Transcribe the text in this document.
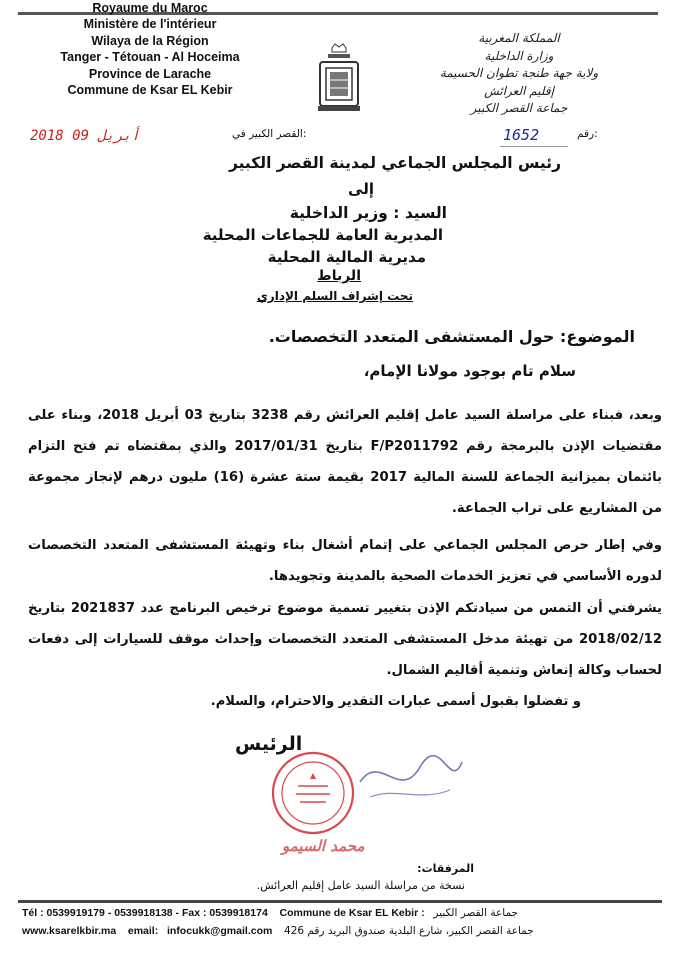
Royaume du Maroc
Ministère de l'intérieur
Wilaya de la Région
Tanger - Tétouan - Al Hoceima
Province de Larache
Commune de Ksar EL Kebir
المملكة المغربية
وزارة الداخلية
ولاية جهة طنجة تطوان الحسيمة
إقليم العرائش
جماعة القصر الكبير
القصر الكبير في:
2018 أبريل 09	رقم:
1652
رئيس المجلس الجماعي لمدينة القصر الكبير
إلى
السيد : وزير الداخلية
المديرية العامة للجماعات المحلية
مديرية المالية المحلية
الرباط
تحت إشراف السلم الإداري
الموضوع: حول المستشفى المتعدد التخصصات.
سلام تام بوجود مولانا الإمام،

وبعد، فبناء على مراسلة السيد عامل إقليم العرائش رقم 3238 بتاريخ 03 أبريل 2018، وبناء على مقتضيات الإذن بالبرمجة رقم F/P2011792 بتاريخ 2017/01/31 والذي بمقتضاه تم فتح التزام بائتمان بميزانية الجماعة للسنة المالية 2017 بقيمة ستة عشرة (16) مليون درهم لإنجاز مجموعة من المشاريع على تراب الجماعة.

وفي إطار حرص المجلس الجماعي على إتمام أشغال بناء وتهيئة المستشفى المتعدد التخصصات لدوره الأساسي في تعزيز الخدمات الصحية بالمدينة وتجويدها.

يشرفني أن التمس من سيادتكم الإذن بتغيير تسمية موضوع ترخيص البرنامج عدد 2021837 بتاريخ 2018/02/12 من تهيئة مدخل المستشفى المتعدد التخصصات وإحداث موقف للسيارات إلى دفعات لحساب وكالة إنعاش وتنمية أقاليم الشمال.

و تفضلوا بقبول أسمى عبارات التقدير والاحترام، والسلام.
الرئيس
محمد السيمو
المرفقات:
نسخة من مراسلة السيد عامل إقليم العرائش.
Tél : 0539919179 - 0539918138 - Fax : 0539918174 Commune de Ksar EL Kebir : جماعة القصر الكبير
www.ksarelkbir.ma email: infocukk@gmail.com جماعة القصر الكبير، شارع البلدية صندوق البريد رقم 426
